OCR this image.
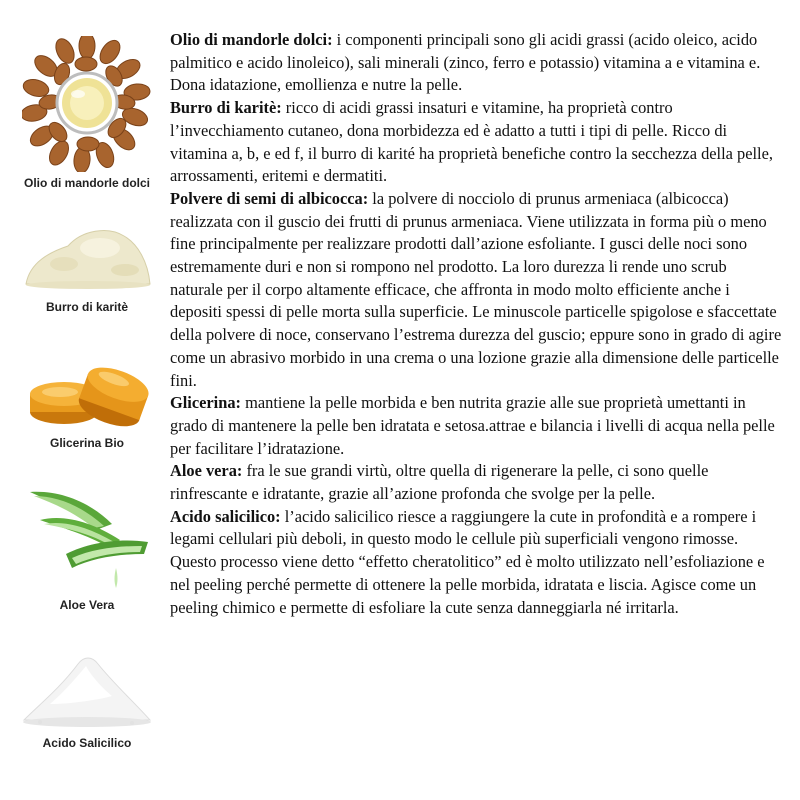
Olio di mandorle dolci
Burro di karitè
Glicerina Bio
Aloe Vera
Acido Salicilico

Olio di mandorle dolci: i componenti principali sono gli acidi grassi (acido oleico, acido palmitico e acido linoleico), sali minerali (zinco, ferro e potassio) vitamina a e vitamina e. Dona idatazione, emollienza e nutre la pelle.

Burro di karitè: ricco di acidi grassi insaturi e vitamine, ha proprietà contro l’invecchiamento cutaneo, dona morbidezza ed è adatto a tutti i tipi di pelle. Ricco di vitamina a, b, e ed f, il burro di karité ha proprietà benefiche contro la secchezza della pelle, arrossamenti, eritemi e dermatiti.

Polvere di semi di albicocca: la polvere di nocciolo di prunus armeniaca (albicocca) realizzata con il guscio dei frutti di prunus armeniaca. Viene utilizzata in forma più o meno fine principalmente per realizzare prodotti dall’azione esfoliante. I gusci delle noci sono estremamente duri e non si rompono nel prodotto. La loro durezza li rende uno scrub naturale per il corpo altamente efficace, che affronta in modo molto efficiente anche i depositi spessi di pelle morta sulla superficie. Le minuscole particelle spigolose e sfaccettate della polvere di noce, conservano l’estrema durezza del guscio; eppure sono in grado di agire come un abrasivo morbido in una crema o una lozione grazie alla dimensione delle particelle fini.

Glicerina: mantiene la pelle morbida e ben nutrita grazie alle sue proprietà umettanti in grado di mantenere la pelle ben idratata e setosa.attrae e bilancia i livelli di acqua nella pelle per facilitare l’idratazione.

Aloe vera: fra le sue grandi virtù, oltre quella di rigenerare la pelle, ci sono quelle rinfrescante e idratante, grazie all’azione profonda che svolge per la pelle.

Acido salicilico: l’acido salicilico riesce a raggiungere la cute in profondità e a rompere i legami cellulari più deboli, in questo modo le cellule più superficiali vengono rimosse. Questo processo viene detto “effetto cheratolitico” ed è molto utilizzato nell’esfoliazione e nel peeling perché permette di ottenere la pelle morbida, idratata e liscia. Agisce come un peeling chimico e permette di esfoliare la cute senza danneggiarla né irritarla.
